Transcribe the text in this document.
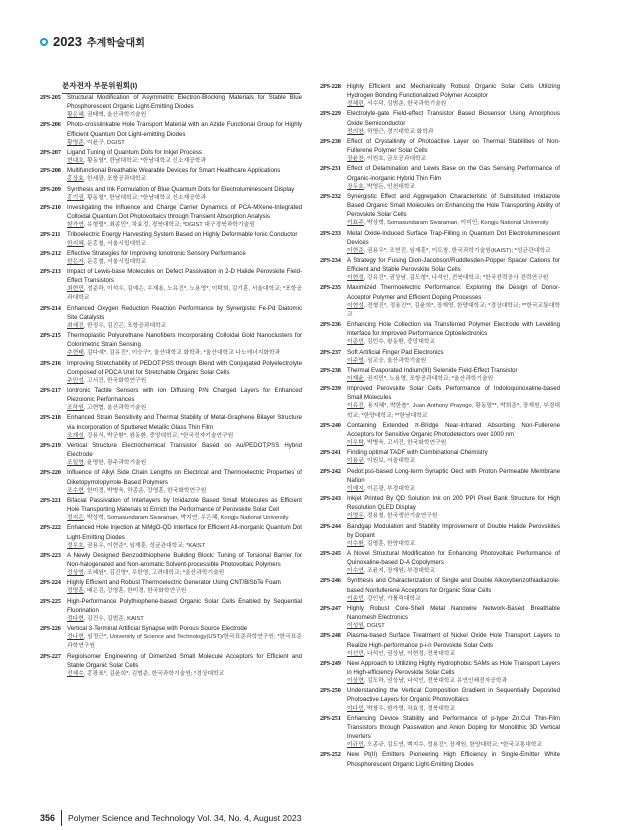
2023 추계학술대회
분자전자 부문위원회(I)
2PS-205	Structural Modification of Asymmetric Electron-Blocking Materials for Stable Blue Phosphorescent Organic Light-Emitting Diodes
황은혜, 권태혁, 울산과학기술원
2PS-206	Photo-crosslinkable Hole Transport Material with an Azide Functional Group for Highly Efficient Quantum Dot Light-emitting Diodes
황영준, 이윤구, DGIST
2PS-207	Ligand Tuning of Quantum Dots for Inkjet Process
현대호, 황동열*, 한남대학교; *한남대학교 신소재공학과
2PS-208	Multifunctional Breathable Wearable Devices for Smart Healthcare Applications
홍상효, 한세광, 포항공과대학교
2PS-209	Synthesis and Ink Formulation of Blue Quantum Dots for Electroluminescent Display
홍기권, 황동열*, 한남대학교; *한남대학교 신소재공학과
2PS-210	Investigating the Influence and Charge Carrier Dynamics of PCA-MXene-Integrated Colloidal Quantum Dot Photovoltaics through Transient Absorption Analysis
함가연, 유형렬*, 최종민*, 차효정, 경북대학교; *DGIST 대구경북과학기술원
2PS-211	Triboelectric Energy Harvesting System Based on Highly Deformable Ionic Conductor
한지혜, 문홍철, 서울시립대학교
2PS-212	Effective Strategies for Improving Ionotronic Sensory Performance
한은지, 문홍철, 서울시립대학교
2PS-213	Impact of Lewis-base Molecules on Defect Passivation in 2-D Halide Perovskite Field-Effect Transistors
최현민, 정준하, 이석우, 김예은, 우재용, 노유진*, 노용영*, 이탁희, 김기훈, 서울대학교; *포항공과대학교
2PS-214	Enhanced Oxygen Reduction Reaction Performance by Synergistic Fe-Pd Diatomic Site Catalysts
최예진, 한정우, 김진곤, 포항공과대학교
2PS-215	Thermoplastic Polyurethane Nanofibers Incorporating Colloidal Gold Nanoclusters for Colorimetric Strain Sensing
추현태, 김다예*, 김유진*, 이승구*, 울산대학교 화학과; *울산대학교 나노에너지화학과
2PS-216	Improving Stretchability of PEDOT:PSS through Blend with Conjugated Polyelectrolyte Composed of PDCA Unit for Stretchable Organic Solar Cells
주민성, 고서진, 한국화학연구원
2PS-217	Iontronic Tactile Sensors with Ion Diffusing P/N Charged Layers for Enhanced Piezoionic Performances
조하원, 고현협, 울산과학기술원
2PS-218	Enhanced Strain Sensitivity and Thermal Stability of Metal-Graphene Bilayer Structure via Incorporation of Sputtered Metallic Glass Thin Film
조재성, 강용식, 박군환*, 왕동환, 중앙대학교; *한국전자기술연구원
2PS-219	Vertical Structure Electrochemical Transistor Based on Au/PEDOT:PSS Hybrid Electrode
조일영, 윤명한, 광주과학기술원
2PS-220	Influence of Alkyl Side Chain Lengths on Electrical and Thermoelectric Properties of Diketopyrrolopyrrole-Based Polymers
조수현, 한미경, 박병욱, 하종운, 강영훈, 한국화학연구원
2PS-221	Bifacial Passivation of Interlayers by Imidazole Based Small Molecules as Efficient Hole Transporting Materials to Enrich the Performance of Perovskite Solar Cell
정지은, 박상혁, Somasundaram Sivaraman, 박지연, 우은혜, Kongju National University
2PS-222	Enhanced Hole Injection at NiMgO-QD Interface for Efficient All-inorganic Quantum Dot Light-Emitting Diodes
정우호, 권용우, 이현준*, 임재훈, 성균관대학교; *KAIST
2PS-223	A Newly Designed Benzodithiophene Building Block: Tuning of Torsional Barrier for Non-halogenated and Non-aromatic Solvent-processible Photovoltaic Polymers
정상영, 조혜원*, 김진영*, 우한영, 고려대학교; *울산과학기술원
2PS-224	Highly Efficient and Robust Thermoelectric Generator Using CNT/BiSbTe Foam
정명훈, 배은진, 강영훈, 한미경, 한국화학연구원
2PS-225	High-Performance Polythiophene-based Organic Solar Cells Enabled by Sequential Fluorination
정다현, 김건우, 김범준, KAIST
2PS-226	Vertical 3-Terminal Artificial Synapse with Porous Source Electrode
정나현, 임정근*, University of Science and Technology(UST)/한국표준과학연구원; *한국표준과학연구원
2PS-227	Regioisomer Engineering of Dimerized Small Molecule Acceptors for Efficient and Stable Organic Solar Cells
전혜수, 홍광표*, 김윤희*, 김범준, 한국과학기술원; *경상대학교
2PS-228	Highly Efficient and Mechanically Robust Organic Solar Cells Utilizing Hydrogen Bonding Functionalized Polymer Acceptor
전혜린, 서수덕, 김범준, 한국과학기술원
2PS-229	Electrolyte-gate Field-effect Transistor Based Biosensor Using Amorphous Oxide Semiconductor
전의찬, 하영근, 경기대학교 화학과
2PS-230	Effect of Crystallinity of Photoactive Layer on Thermal Stabilities of Non-Fullerene Polymer Solar Cells
장윤찬, 이원호, 금오공과대학교
2PS-231	Effect of Delamination and Lewis Base on the Gas Sensing Performance of Organic-inorganic Hybrid Thin Film
장두호, 박영돈, 인천대학교
2PS-232	Synergistic Effect and Aggregation Characteristic of Substituted Imidazole Based Organic Small Molecules on Enhancing the Hole Transporting Ability of Perovskite Solar Cells
이효주, 박상혁, Somasundaram Sivaraman, 이미인, Kongju National University
2PS-233	Metal Oxide-Induced Surface Trap-Filling in Quantum Dot Electroluminescent Devices
이현준, 권용우*, 조현진, 임재훈*, 이도창, 한국과학기술원(KAIST); *성균관대학교
2PS-234	A Strategy for Fusing Dion-Jacobson/Ruddlesden-Popper Spacer Cations for Efficient and Stable Perovskite Solar Cells
이현정, 강유진*, 권상남, 김도형*, 나석인, 전북대학교; *한국전력공사 전력연구원
2PS-235	Maximized Thermoelectric Performance: Exploring the Design of Donor-Acceptor Polymer and Efficient Doping Processes
이현성, 전형진*, 정용진**, 김윤희*, 장재영, 한양대학교; *경상대학교; **한국교통대학교
2PS-236	Enhancing Hole Collection via Transferred Polymer Electrode with Levelling Interface for Improved Performance Optoelectronics
이준민, 김민수, 왕동환, 중앙대학교
2PS-237	Soft Artificial Finger Pad Electronics
이주영, 심교승, 울산과학기술원
2PS-238	Thermal Evaporated Indium(III) Selenide Field-Effect Transistor
이재윤, 권지민*, 노용영, 포항공과대학교; *울산과학기술원
2PS-239	Improved Perovskite Solar Cells Performance of Indoloquinoxaline-based Small Molecules
이유진, 용지혜*, 박한솔*, Juan Anthony Prayogo, 황동열**, 박희준*, 장재원, 부경대학교; *한양대학교; **한남대학교
2PS-240	Containing Extended π-Bridge Near-Infrared Absorbing Non-Fullerene Acceptors for Sensitive Organic Photodetectors over 1000 nm
이우탁, 박병욱, 고서진, 한국화학연구원
2PS-241	Finding optimal TADF with Combinational Chemistry
이용규, 이원보, 서울대학교
2PS-242	Pedot:pss-based Long-term Synaptic Oect with Proton Permeable Membrane Nafion
이예지, 이은광, 부경대학교
2PS-243	Inkjet Printed By QD Solution Ink on 200 PPI Pixel Bank Structure for High Resolution QLED Display
이영우, 정용철, 한국생산기술연구원
2PS-244	Bandgap Modulation and Stability Improvement of Double Halide Perovskites by Dopant
이수환, 김영훈, 한양대학교
2PS-245	A Novel Structural Modification for Enhancing Photovoltaic Performance of Quinoxaline-based D-A Copolymers
이수연, 조윤지, 장재원, 부경대학교
2PS-246	Synthesis and Characterization of Single and Double Alkoxybenzothiadiazole-based Nonfullerene Acceptors for Organic Solar Cells
이송민, 강인남, 가톨릭대학교
2PS-247	Highly Robust Core-Shell Metal Nanowire Network-Based Breathable Nanomesh Electronics
이성원, DGIST
2PS-248	Plasma-based Surface Treatment of Nickel Oxide Hole Transport Layers to Realize High-performance p-i-n Perovskite Solar Cells
이선민, 나석인, 권상남, 이현정, 전북대학교
2PS-249	New Approach to Utilizing Highly Hydrophobic SAMs as Hole Transport Layers in High-efficiency Perovskite Solar Cells
이상현, 김도하, 권상남, 나석인, 전북대학교 유연인쇄전자공학과
2PS-250	Understanding the Vertical Composition Gradient in Sequentially Deposited Photoactive Layers for Organic Photovoltaics
이다민, 박창우, 함가영, 차효정, 경북대학교
2PS-251	Enhancing Device Stability and Performance of p-type Zn:CuI Thin-Film Transistors through Passivation and Anion Doping for Monolithic 3D Vertical Inverters
이규민, 오종규, 김도연, 백지수, 정용진*, 장재원, 한양대학교; *한국교통대학교
2PS-252	New Pt(II) Emitters Pioneering High Efficiency in Single-Emitter White Phosphorescent Organic Light-Emitting Diodes
356 Polymer Science and Technology Vol. 34, No. 4, August 2023
